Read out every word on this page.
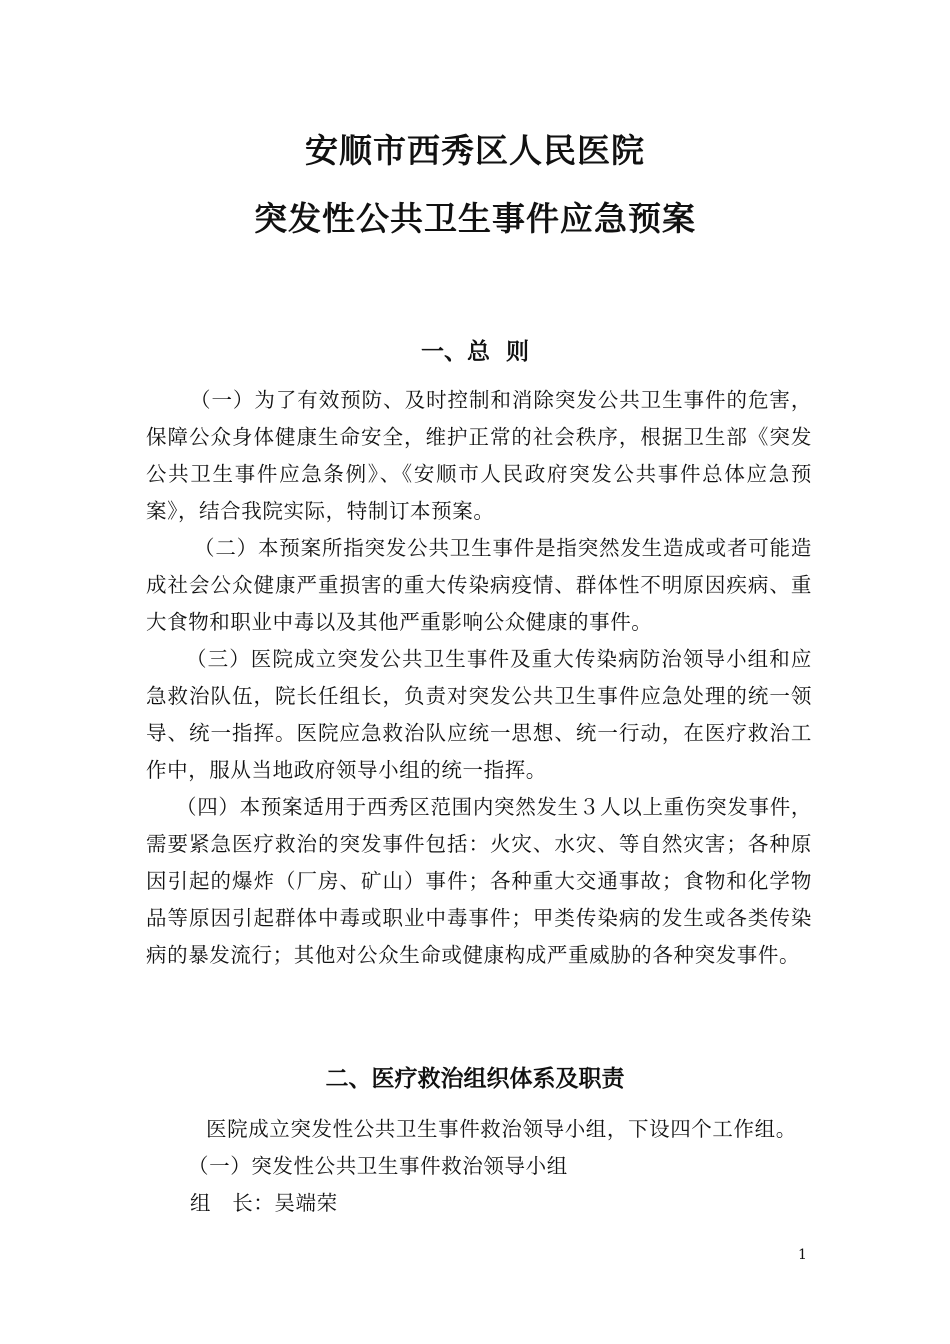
安顺市西秀区人民医院
突发性公共卫生事件应急预案
一、总  则

（一）为了有效预防、及时控制和消除突发公共卫生事件的危害，保障公众身体健康生命安全，维护正常的社会秩序，根据卫生部《突发公共卫生事件应急条例》、《安顺市人民政府突发公共事件总体应急预案》，结合我院实际，特制订本预案。

（二）本预案所指突发公共卫生事件是指突然发生造成或者可能造成社会公众健康严重损害的重大传染病疫情、群体性不明原因疾病、重大食物和职业中毒以及其他严重影响公众健康的事件。

（三）医院成立突发公共卫生事件及重大传染病防治领导小组和应急救治队伍，院长任组长，负责对突发公共卫生事件应急处理的统一领导、统一指挥。医院应急救治队应统一思想、统一行动，在医疗救治工作中，服从当地政府领导小组的统一指挥。

（四）本预案适用于西秀区范围内突然发生３人以上重伤突发事件，需要紧急医疗救治的突发事件包括：火灾、水灾、等自然灾害；各种原因引起的爆炸（厂房、矿山）事件；各种重大交通事故；食物和化学物品等原因引起群体中毒或职业中毒事件；甲类传染病的发生或各类传染病的暴发流行；其他对公众生命或健康构成严重威胁的各种突发事件。

二、医疗救治组织体系及职责

医院成立突发性公共卫生事件救治领导小组，下设四个工作组。

（一）突发性公共卫生事件救治领导小组

组　长：吴端荣

1
